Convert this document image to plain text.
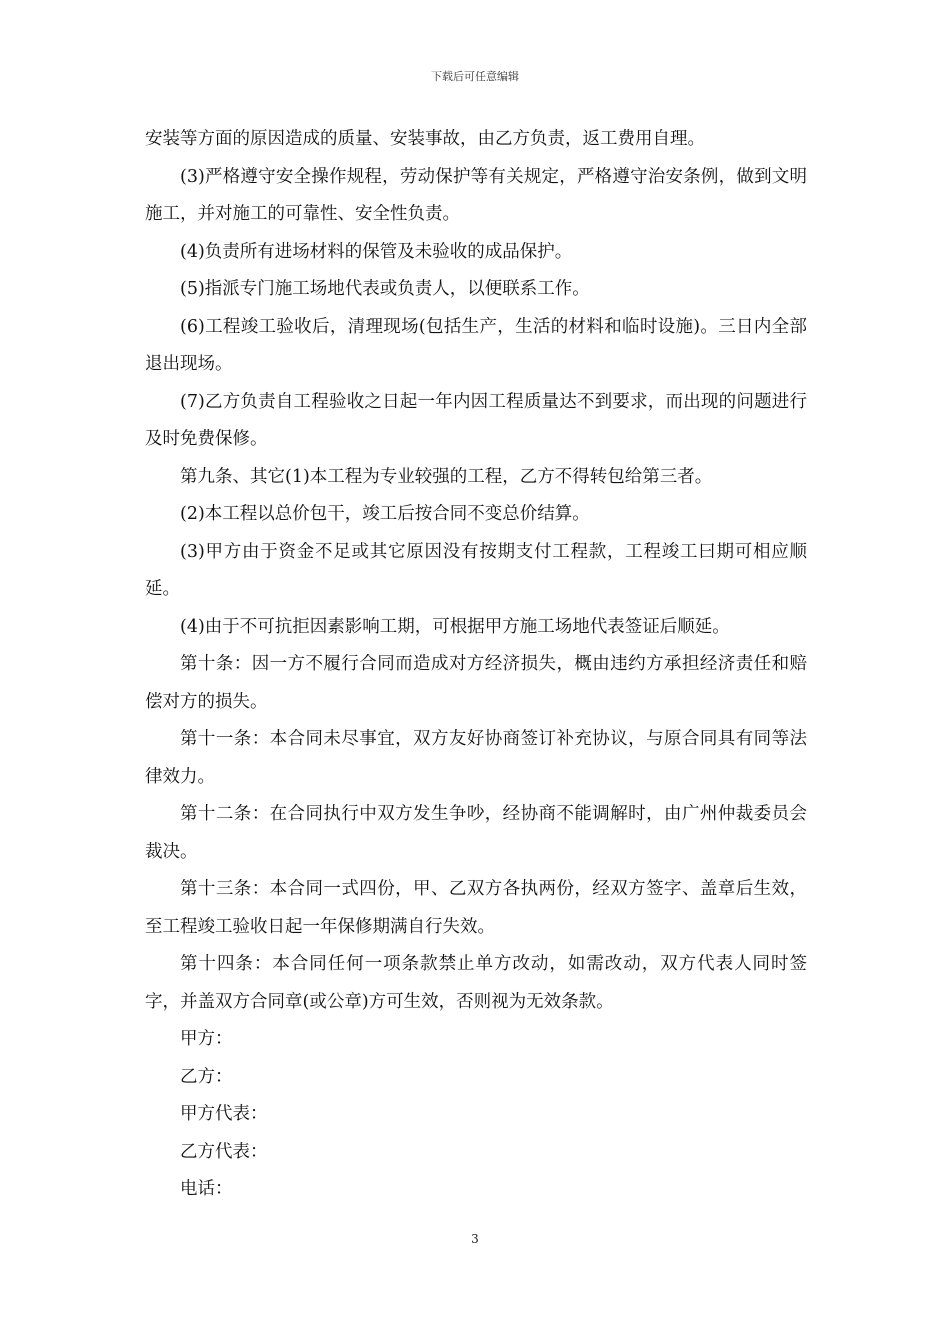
下载后可任意编辑

安装等方面的原因造成的质量、安装事故，由乙方负责，返工费用自理。

(3)严格遵守安全操作规程，劳动保护等有关规定，严格遵守治安条例，做到文明施工，并对施工的可靠性、安全性负责。

(4)负责所有进场材料的保管及未验收的成品保护。

(5)指派专门施工场地代表或负责人，以便联系工作。

(6)工程竣工验收后，清理现场(包括生产，生活的材料和临时设施)。三日内全部退出现场。

(7)乙方负责自工程验收之日起一年内因工程质量达不到要求，而出现的问题进行及时免费保修。

第九条、其它(1)本工程为专业较强的工程，乙方不得转包给第三者。

(2)本工程以总价包干，竣工后按合同不变总价结算。

(3)甲方由于资金不足或其它原因没有按期支付工程款，工程竣工曰期可相应顺延。

(4)由于不可抗拒因素影响工期，可根据甲方施工场地代表签证后顺延。

第十条：因一方不履行合同而造成对方经济损失，概由违约方承担经济责任和赔偿对方的损失。

第十一条：本合同未尽事宜，双方友好协商签订补充协议，与原合同具有同等法律效力。

第十二条：在合同执行中双方发生争吵，经协商不能调解时，由广州仲裁委员会裁决。

第十三条：本合同一式四份，甲、乙双方各执两份，经双方签字、盖章后生效，至工程竣工验收日起一年保修期满自行失效。

第十四条：本合同任何一项条款禁止单方改动，如需改动，双方代表人同时签字，并盖双方合同章(或公章)方可生效，否则视为无效条款。

甲方：

乙方：

甲方代表：

乙方代表：

电话：

3
